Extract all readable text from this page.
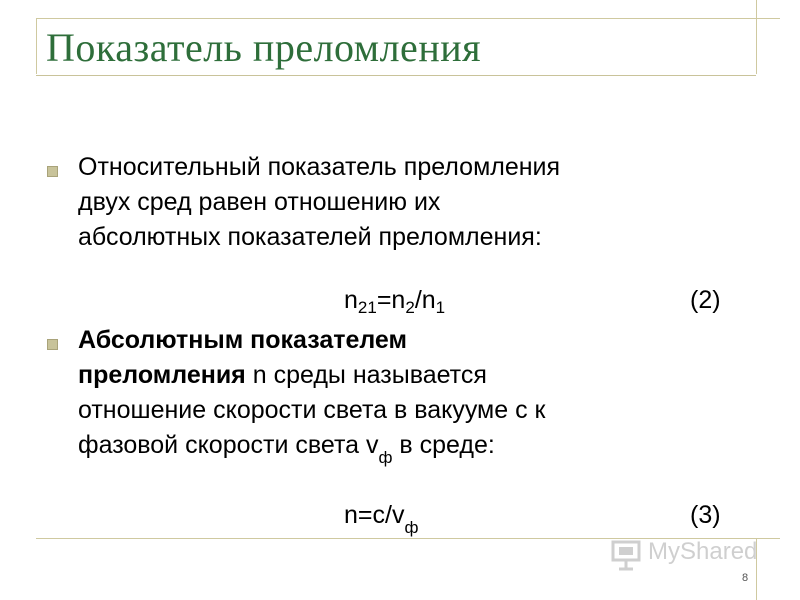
Показатель преломления
Относительный показатель преломления
двух сред равен отношению их
абсолютных показателей преломления:
$n_{21}=n_2/n_1$	(2)
Абсолютным показателем
преломления n среды называется
отношение скорости света в вакууме с к
фазовой скорости света $v_ф$ в среде:
$n=c/v_ф$	(3)
MyShared
8
